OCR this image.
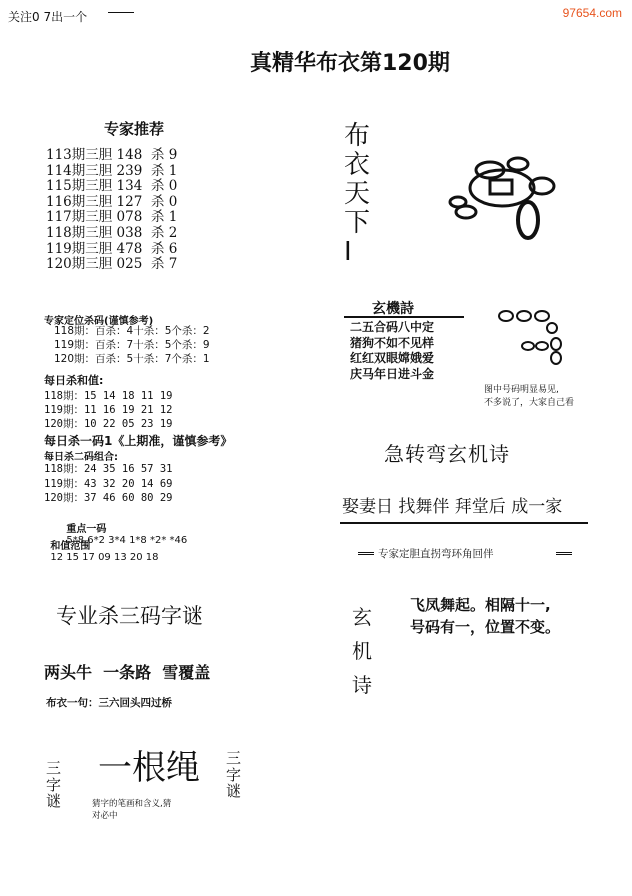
关注0 7出一个	97654.com
真精华布衣第120期
专家推荐
113期三胆 148  杀 9
114期三胆 239  杀 1
115期三胆 134  杀 0
116期三胆 127  杀 0
117期三胆 078  杀 1
118期三胆 038  杀 2
119期三胆 478  杀 6
120期三胆 025  杀 7
专家定位杀码(谨慎参考)
118期：百杀：4十杀：5个杀：2
119期：百杀：7十杀：5个杀：9
120期：百杀：5十杀：7个杀：1
每日杀和值:
118期：15 14 18 11 19
119期：11 16 19 21 12
120期：10 22 05 23 19
每日杀一码1《上期准，谨慎参考》
每日杀二码组合:
118期：24 35 16 57 31
119期：43 32 20 14 69
120期：37 46 60 80 29

重点一码
5*8 6*2 3*4 1*8 *2* *46

和值范围
12 15 17 09 13 20 18

专业杀三码字谜
两头牛  一条路  雪覆盖
布衣一句：三六回头四过桥
三
字
谜
一根绳 三
字
谜
猜字的笔画和含义,猜
对必中
布
衣
天
下
I
玄機詩
二五合码八中定
猪狗不如不见样
红红双眼嫦娥爱
庆马年日进斗金
图中号码明显易见,
不多说了，大家自己看
急转弯玄机诗
娶妻日 找舞伴 拜堂后 成一家
专家定胆直拐弯环角回伴
玄
机
诗
飞凤舞起。相隔十一,
号码有一，位置不变。
